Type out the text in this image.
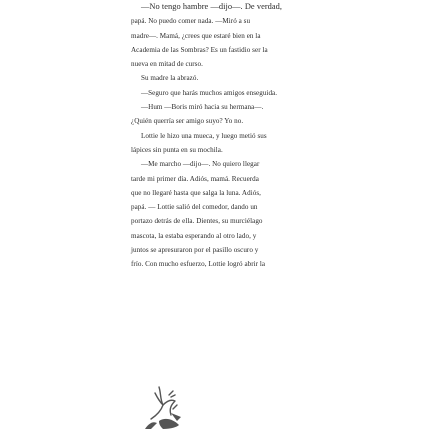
—No tengo hambre —dijo—. De verdad,
papá. No puedo comer nada. —Miró a su
madre—. Mamá, ¿crees que estaré bien en la
Academia de las Sombras? Es un fastidio ser la
nueva en mitad de curso.
Su madre la abrazó.
—Seguro que harás muchos amigos enseguida.
—Hum —Boris miró hacia su hermana—.
¿Quién querría ser amigo suyo? Yo no.
Lottie le hizo una mueca, y luego metió sus
lápices sin punta en su mochila.
—Me marcho —dijo—. No quiero llegar
tarde mi primer día. Adiós, mamá. Recuerda
que no llegaré hasta que salga la luna. Adiós,
papá. — Lottie salió del comedor, dando un
portazo detrás de ella. Dientes, su murciélago
mascota, la estaba esperando al otro lado, y
juntos se apresuraron por el pasillo oscuro y
frío. Con mucho esfuerzo, Lottie logró abrir la
